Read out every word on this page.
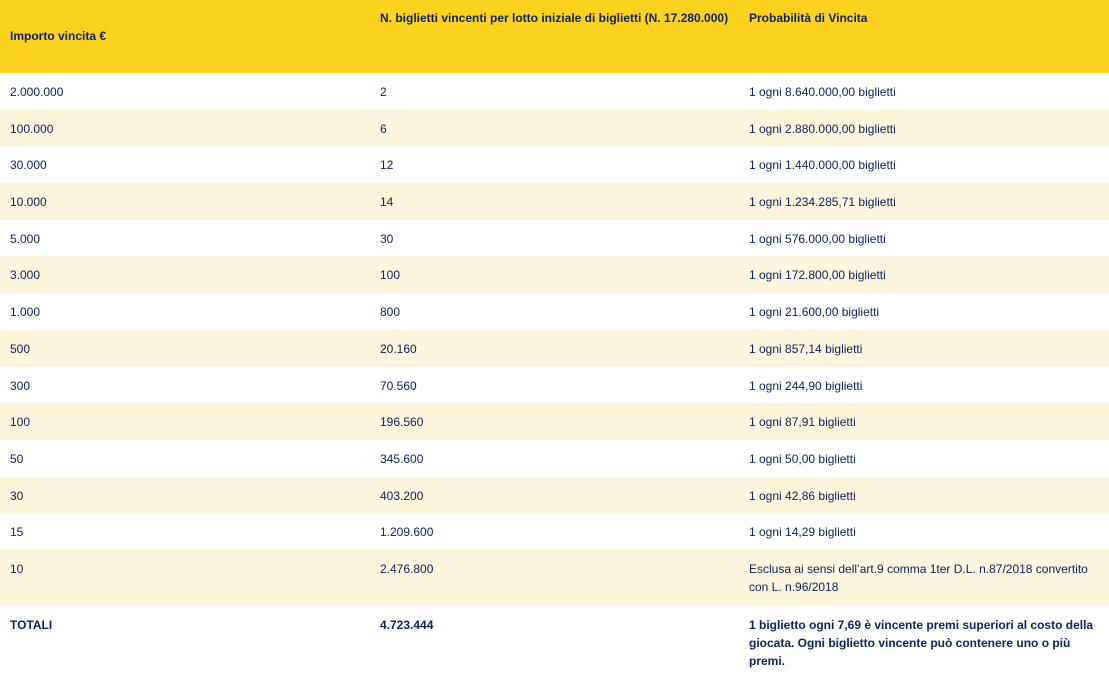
Importo vincita €	N. biglietti vincenti per lotto iniziale di biglietti (N. 17.280.000)	Probabilità di Vincita
2.000.000	2	1 ogni 8.640.000,00 biglietti
100.000	6	1 ogni 2.880.000,00 biglietti
30.000	12	1 ogni 1.440.000,00 biglietti
10.000	14	1 ogni 1.234.285,71 biglietti
5.000	30	1 ogni 576.000,00 biglietti
3.000	100	1 ogni 172.800,00 biglietti
1.000	800	1 ogni 21.600,00 biglietti
500	20.160	1 ogni 857,14 biglietti
300	70.560	1 ogni 244,90 biglietti
100	196.560	1 ogni 87,91 biglietti
50	345.600	1 ogni 50,00 biglietti
30	403.200	1 ogni 42,86 biglietti
15	1.209.600	1 ogni 14,29 biglietti
10	2.476.800	Esclusa ai sensi dell’art.9 comma 1ter D.L. n.87/2018 convertito con L. n.96/2018
TOTALI	4.723.444	1 biglietto ogni 7,69 è vincente premi superiori al costo della giocata. Ogni biglietto vincente può contenere uno o più premi.
